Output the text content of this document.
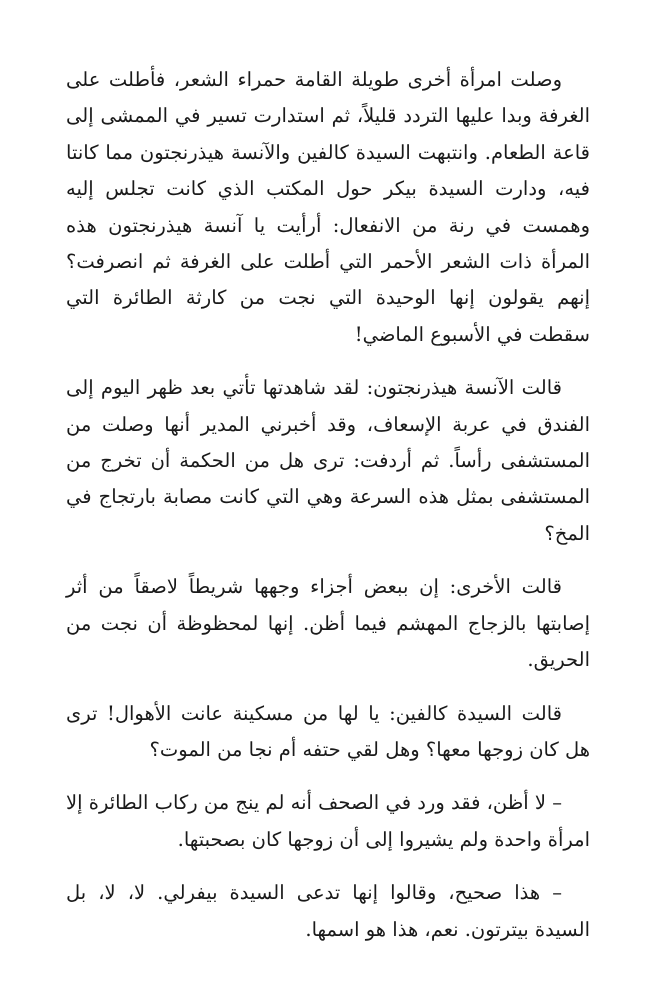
وصلت امرأة أخرى طويلة القامة حمراء الشعر، فأطلت على الغرفة وبدا عليها التردد قليلاً، ثم استدارت تسير في الممشى إلى قاعة الطعام. وانتبهت السيدة كالفين والآنسة هيذرنجتون مما كانتا فيه، ودارت السيدة بيكر حول المكتب الذي كانت تجلس إليه وهمست في رنة من الانفعال: أرأيت يا آنسة هيذرنجتون هذه المرأة ذات الشعر الأحمر التي أطلت على الغرفة ثم انصرفت؟ إنهم يقولون إنها الوحيدة التي نجت من كارثة الطائرة التي سقطت في الأسبوع الماضي!

قالت الآنسة هيذرنجتون: لقد شاهدتها تأتي بعد ظهر اليوم إلى الفندق في عربة الإسعاف، وقد أخبرني المدير أنها وصلت من المستشفى رأساً. ثم أردفت: ترى هل من الحكمة أن تخرج من المستشفى بمثل هذه السرعة وهي التي كانت مصابة بارتجاج في المخ؟

قالت الأخرى: إن ببعض أجزاء وجهها شريطاً لاصقاً من أثر إصابتها بالزجاج المهشم فيما أظن. إنها لمحظوظة أن نجت من الحريق.

قالت السيدة كالفين: يا لها من مسكينة عانت الأهوال! ترى هل كان زوجها معها؟ وهل لقي حتفه أم نجا من الموت؟

– لا أظن، فقد ورد في الصحف أنه لم ينج من ركاب الطائرة إلا امرأة واحدة ولم يشيروا إلى أن زوجها كان بصحبتها.

– هذا صحيح، وقالوا إنها تدعى السيدة بيفرلي. لا، لا، بل السيدة بيترتون. نعم، هذا هو اسمها.
